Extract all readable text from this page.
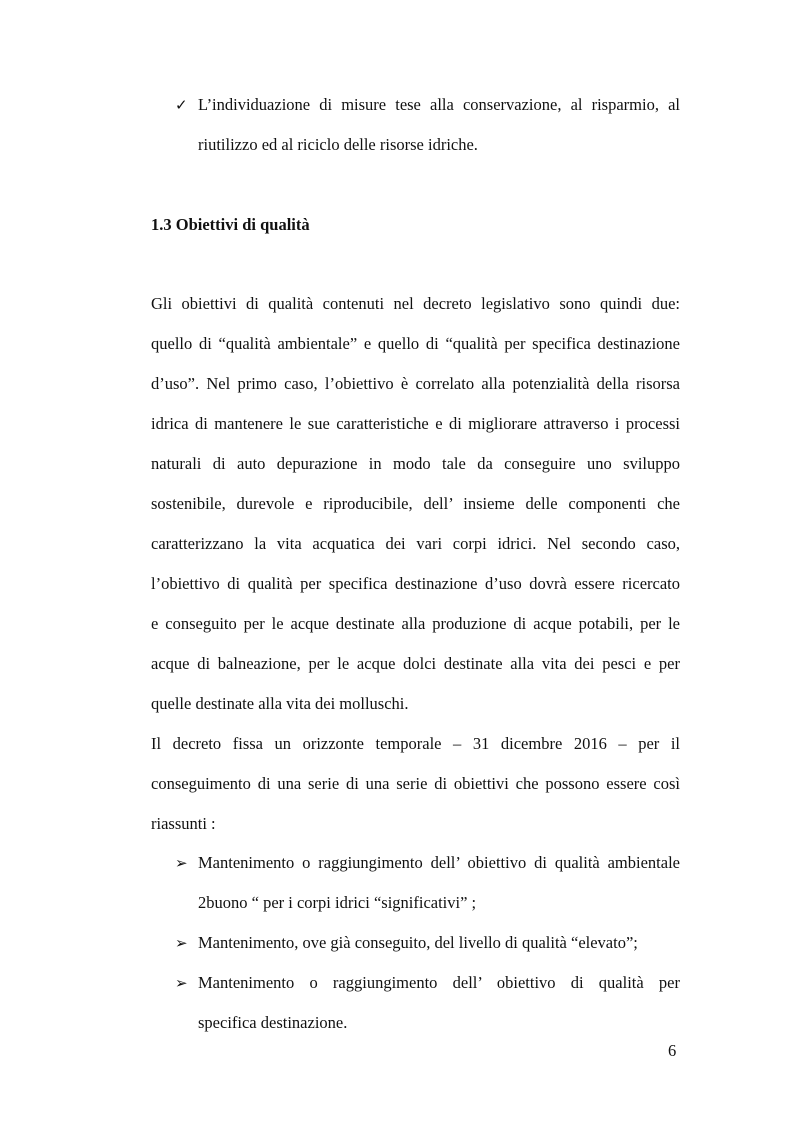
✓ L’individuazione di misure tese alla conservazione, al risparmio, al
riutilizzo ed al riciclo delle risorse idriche.
1.3 Obiettivi di qualità
Gli obiettivi di qualità contenuti nel decreto legislativo sono quindi due:
quello di “qualità ambientale” e quello di “qualità per specifica destinazione
d’uso”. Nel primo caso, l’obiettivo è correlato alla potenzialità della risorsa
idrica di mantenere le sue caratteristiche e di migliorare attraverso i processi
naturali di auto depurazione in modo tale da conseguire uno sviluppo
sostenibile, durevole e riproducibile, dell’ insieme delle componenti che
caratterizzano la vita acquatica dei vari corpi idrici. Nel secondo caso,
l’obiettivo di qualità per specifica destinazione d’uso dovrà essere ricercato
e conseguito per le acque destinate alla produzione di acque potabili, per le
acque di balneazione, per le acque dolci destinate alla vita dei pesci e per
quelle destinate alla vita dei molluschi.
Il decreto fissa un orizzonte temporale – 31 dicembre 2016 – per il
conseguimento di una serie di una serie di obiettivi che possono essere così
riassunti :
➢ Mantenimento o raggiungimento dell’ obiettivo di qualità ambientale
2buono “ per i corpi idrici “significativi” ;
➢ Mantenimento, ove già conseguito, del livello di qualità “elevato”;
➢ Mantenimento o raggiungimento dell’ obiettivo di qualità per
specifica destinazione.
6
